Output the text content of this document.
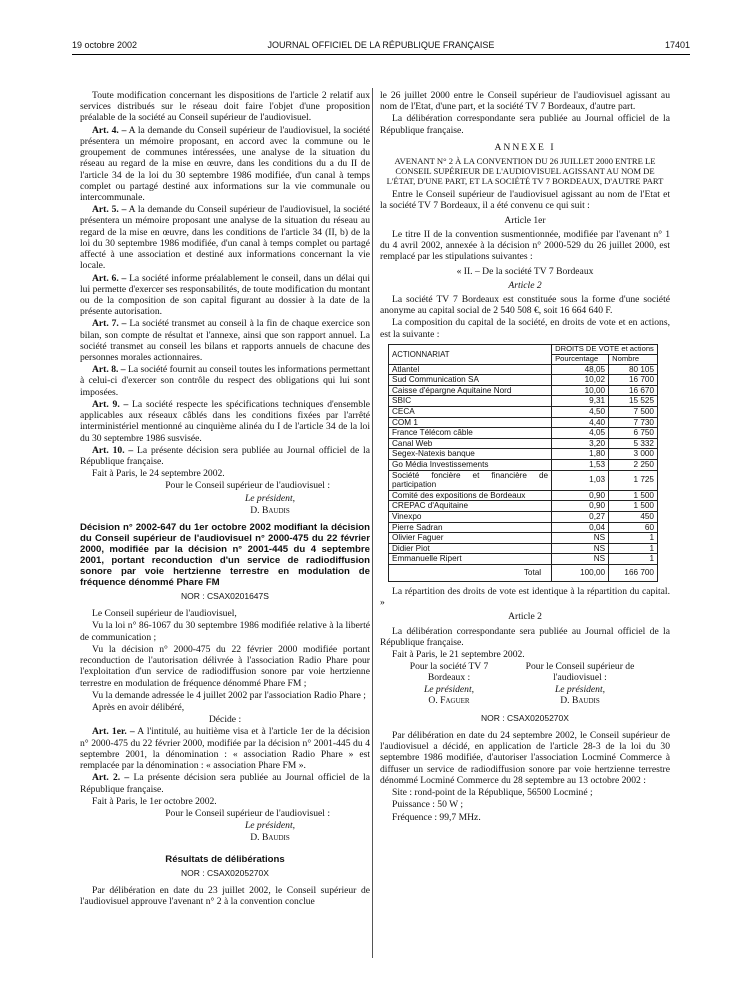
19 octobre 2002	JOURNAL OFFICIEL DE LA RÉPUBLIQUE FRANÇAISE	17401

Toute modification concernant les dispositions de l'article 2 relatif aux services distribués sur le réseau doit faire l'objet d'une proposition préalable de la société au Conseil supérieur de l'audiovisuel.

Art. 4. – A la demande du Conseil supérieur de l'audiovisuel, la société présentera un mémoire proposant, en accord avec la commune ou le groupement de communes intéressées, une analyse de la situation du réseau au regard de la mise en œuvre, dans les conditions du a du II de l'article 34 de la loi du 30 septembre 1986 modifiée, d'un canal à temps complet ou partagé destiné aux informations sur la vie communale ou intercommunale.

Art. 5. – A la demande du Conseil supérieur de l'audiovisuel, la société présentera un mémoire proposant une analyse de la situation du réseau au regard de la mise en œuvre, dans les conditions de l'article 34 (II, b) de la loi du 30 septembre 1986 modifiée, d'un canal à temps complet ou partagé affecté à une association et destiné aux informations concernant la vie locale.

Art. 6. – La société informe préalablement le conseil, dans un délai qui lui permette d'exercer ses responsabilités, de toute modification du montant ou de la composition de son capital figurant au dossier à la date de la présente autorisation.

Art. 7. – La société transmet au conseil à la fin de chaque exercice son bilan, son compte de résultat et l'annexe, ainsi que son rapport annuel. La société transmet au conseil les bilans et rapports annuels de chacune des personnes morales actionnaires.

Art. 8. – La société fournit au conseil toutes les informations permettant à celui-ci d'exercer son contrôle du respect des obligations qui lui sont imposées.

Art. 9. – La société respecte les spécifications techniques d'ensemble applicables aux réseaux câblés dans les conditions fixées par l'arrêté interministériel mentionné au cinquième alinéa du I de l'article 34 de la loi du 30 septembre 1986 susvisée.

Art. 10. – La présente décision sera publiée au Journal officiel de la République française.

Fait à Paris, le 24 septembre 2002.

Pour le Conseil supérieur de l'audiovisuel :

Le président,

D. Baudis

Décision n° 2002-647 du 1er octobre 2002 modifiant la décision du Conseil supérieur de l'audiovisuel n° 2000-475 du 22 février 2000, modifiée par la décision n° 2001-445 du 4 septembre 2001, portant reconduction d'un service de radiodiffusion sonore par voie hertzienne terrestre en modulation de fréquence dénommé Phare FM
NOR : CSAX0201647S

Le Conseil supérieur de l'audiovisuel,

Vu la loi n° 86-1067 du 30 septembre 1986 modifiée relative à la liberté de communication ;

Vu la décision n° 2000-475 du 22 février 2000 modifiée portant reconduction de l'autorisation délivrée à l'association Radio Phare pour l'exploitation d'un service de radiodiffusion sonore par voie hertzienne terrestre en modulation de fréquence dénommé Phare FM ;

Vu la demande adressée le 4 juillet 2002 par l'association Radio Phare ;

Après en avoir délibéré,

Décide :

Art. 1er. – A l'intitulé, au huitième visa et à l'article 1er de la décision n° 2000-475 du 22 février 2000, modifiée par la décision n° 2001-445 du 4 septembre 2001, la dénomination : « association Radio Phare » est remplacée par la dénomination : « association Phare FM ».

Art. 2. – La présente décision sera publiée au Journal officiel de la République française.

Fait à Paris, le 1er octobre 2002.

Pour le Conseil supérieur de l'audiovisuel :

Le président,

D. Baudis

Résultats de délibérations
NOR : CSAX0205270X

Par délibération en date du 23 juillet 2002, le Conseil supérieur de l'audiovisuel approuve l'avenant n° 2 à la convention conclue

le 26 juillet 2000 entre le Conseil supérieur de l'audiovisuel agissant au nom de l'Etat, d'une part, et la société TV 7 Bordeaux, d'autre part.

La délibération correspondante sera publiée au Journal officiel de la République française.

ANNEXE I
AVENANT N° 2 À LA CONVENTION DU 26 JUILLET 2000 ENTRE LE CONSEIL SUPÉRIEUR DE L'AUDIOVISUEL AGISSANT AU NOM DE L'ÉTAT, D'UNE PART, ET LA SOCIÉTÉ TV 7 BORDEAUX, D'AUTRE PART

Entre le Conseil supérieur de l'audiovisuel agissant au nom de l'Etat et la société TV 7 Bordeaux, il a été convenu ce qui suit :

Article 1er

Le titre II de la convention susmentionnée, modifiée par l'avenant n° 1 du 4 avril 2002, annexée à la décision n° 2000-529 du 26 juillet 2000, est remplacé par les stipulations suivantes :

« II. – De la société TV 7 Bordeaux

Article 2

La société TV 7 Bordeaux est constituée sous la forme d'une société anonyme au capital social de 2 540 508 €, soit 16 664 640 F.

La composition du capital de la société, en droits de vote et en actions, est la suivante :

ACTIONNARIAT	DROITS DE VOTE et actions	
	Pourcentage	Nombre
Atlantel	48,05	80 105
Sud Communication SA	10,02	16 700
Caisse d'épargne Aquitaine Nord	10,00	16 670
SBIC	9,31	15 525
CECA	4,50	7 500
COM 1	4,40	7 730
France Télécom câble	4,05	6 750
Canal Web	3,20	5 332
Segex-Natexis banque	1,80	3 000
Go Média Investissements	1,53	2 250
Société foncière et financière de participation	1,03	1 725
Comité des expositions de Bordeaux	0,90	1 500
CREPAC d'Aquitaine	0,90	1 500
Vinexpo	0,27	450
Pierre Sadran	0,04	60
Olivier Faguer	NS	1
Didier Piot	NS	1
Emmanuelle Ripert	NS	1
Total	100,00	166 700

La répartition des droits de vote est identique à la répartition du capital. »

Article 2

La délibération correspondante sera publiée au Journal officiel de la République française.

Fait à Paris, le 21 septembre 2002.

Pour la société TV 7 Bordeaux :
Le président,
O. Faguer
Pour le Conseil supérieur de l'audiovisuel :
Le président,
D. Baudis
NOR : CSAX0205270X

Par délibération en date du 24 septembre 2002, le Conseil supérieur de l'audiovisuel a décidé, en application de l'article 28-3 de la loi du 30 septembre 1986 modifiée, d'autoriser l'association Locminé Commerce à diffuser un service de radiodiffusion sonore par voie hertzienne terrestre dénommé Locminé Commerce du 28 septembre au 13 octobre 2002 :

Site : rond-point de la République, 56500 Locminé ;

Puissance : 50 W ;

Fréquence : 99,7 MHz.
